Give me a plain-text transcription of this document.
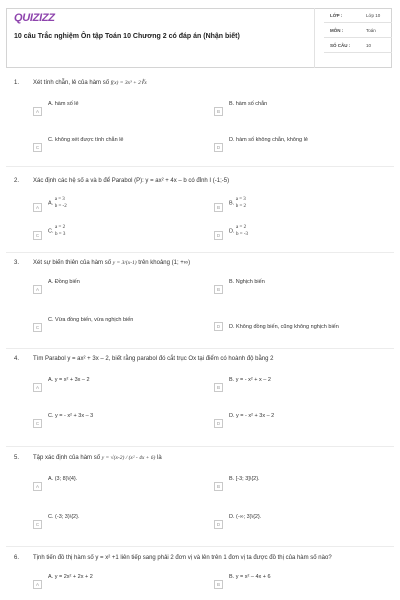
QUIZIZZ
10 câu Trắc nghiệm Ôn tập Toán 10 Chương 2 có đáp án (Nhận biết)
LỚP :	Lớp 10
MÔN :	Toán
SỐ CÂU :	10
1. Xét tính chẵn, lẻ của hàm số f(x) = 3x³ + 2∛x
A
A. hàm số lẻ
B
B. hàm số chẵn
C
C. không xét được tính chẵn lẻ
D
D. hàm số không chẵn, không lẻ
2. Xác định các hệ số a và b để Parabol (P): y = ax² + 4x – b có đỉnh I (-1;-5)
A
A.
a = 3
b = -2	B
B.
a = 3
b = 2
C
C.
a = 2
b = 3	D
D.
a = 2
b = -3
3. Xét sự biến thiên của hàm số y = 3/(x-1) trên khoảng (1; +∞)
A
A. Đồng biến
B
B. Nghịch biến
C
C. Vừa đồng biến, vừa nghịch biến
D	D. Không đồng biến, cũng không nghịch biến
4. Tìm Parabol y = ax² + 3x – 2, biết rằng parabol đó cắt trục Ox tại điểm có hoành độ bằng 2
A
A. y = x² + 3x – 2
B
B. y = - x² + x – 2
C
C. y = - x² + 3x – 3
D
D. y = - x² + 3x – 2
5. Tập xác định của hàm số y = √(x-2) / (x² - 4x + 6) là
A
A. (3; 8)\{4}.
B
B. [-3; 3]\{2}.
C
C. (-3; 3)\{2}.
D
D. (-∞; 3)\{2}.
6. Tịnh tiến đồ thị hàm số y = x² +1 liên tiếp sang phải 2 đơn vị và lên trên 1 đơn vị ta được đồ thị của hàm số nào?
A
A. y = 2x² + 2x + 2
B
B. y = x² – 4x + 6
